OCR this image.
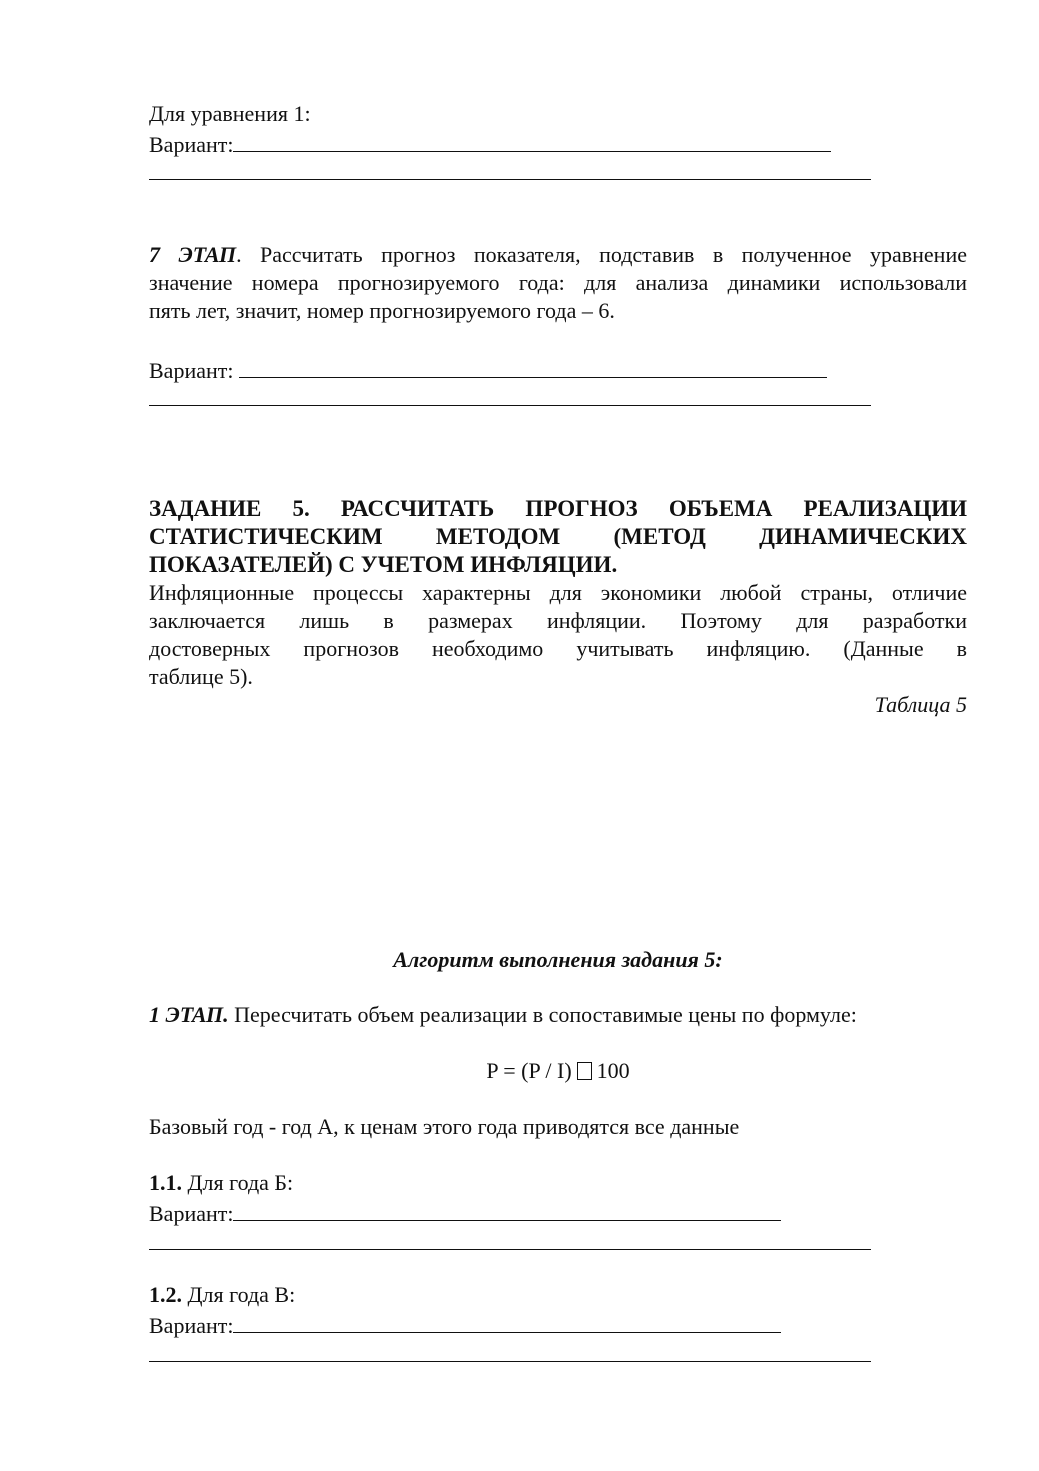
Для уравнения 1:
Вариант:
7 ЭТАП. Рассчитать прогноз показателя, подставив в полученное уравнение
значение номера прогнозируемого года: для анализа динамики использовали
пять лет, значит, номер прогнозируемого года – 6.
Вариант:
ЗАДАНИЕ 5. РАССЧИТАТЬ ПРОГНОЗ ОБЪЕМА РЕАЛИЗАЦИИ
СТАТИСТИЧЕСКИМ МЕТОДОМ (МЕТОД ДИНАМИЧЕСКИХ
ПОКАЗАТЕЛЕЙ) С УЧЕТОМ ИНФЛЯЦИИ.
Инфляционные процессы характерны для экономики любой страны, отличие
заключается лишь в размерах инфляции. Поэтому для разработки
достоверных прогнозов необходимо учитывать инфляцию. (Данные в
таблице 5).
Таблица 5
Алгоритм выполнения задания 5:
1 ЭТАП. Пересчитать объем реализации в сопоставимые цены по формуле:
P = (P / I) 100
Базовый год - год А, к ценам этого года приводятся все данные
1.1. Для года Б:
Вариант:
1.2. Для года В:
Вариант:
